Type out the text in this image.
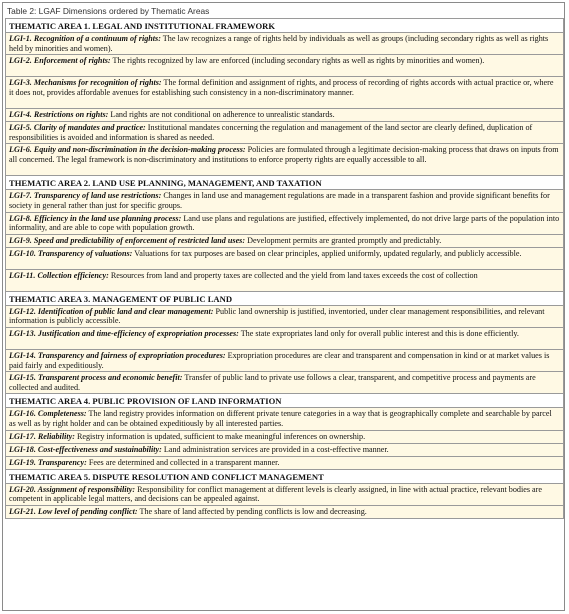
Table 2: LGAF Dimensions ordered by Thematic Areas
THEMATIC AREA 1. LEGAL AND INSTITUTIONAL FRAMEWORK
LGI-1. Recognition of a continuum of rights: The law recognizes a range of rights held by individuals as well as groups (including secondary rights as well as rights held by minorities and women).
LGI-2. Enforcement of rights: The rights recognized by law are enforced (including secondary rights as well as rights by minorities and women).
LGI-3. Mechanisms for recognition of rights: The formal definition and assignment of rights, and process of recording of rights accords with actual practice or, where it does not, provides affordable avenues for establishing such consistency in a non-discriminatory manner.
LGI-4. Restrictions on rights: Land rights are not conditional on adherence to unrealistic standards.
LGI-5. Clarity of mandates and practice: Institutional mandates concerning the regulation and management of the land sector are clearly defined, duplication of responsibilities is avoided and information is shared as needed.
LGI-6. Equity and non-discrimination in the decision-making process: Policies are formulated through a legitimate decision-making process that draws on inputs from all concerned. The legal framework is non-discriminatory and institutions to enforce property rights are equally accessible to all.
THEMATIC AREA 2. LAND USE PLANNING, MANAGEMENT, AND TAXATION
LGI-7. Transparency of land use restrictions: Changes in land use and management regulations are made in a transparent fashion and provide significant benefits for society in general rather than just for specific groups.
LGI-8. Efficiency in the land use planning process: Land use plans and regulations are justified, effectively implemented, do not drive large parts of the population into informality, and are able to cope with population growth.
LGI-9. Speed and predictability of enforcement of restricted land uses: Development permits are granted promptly and predictably.
LGI-10. Transparency of valuations: Valuations for tax purposes are based on clear principles, applied uniformly, updated regularly, and publicly accessible.
LGI-11. Collection efficiency: Resources from land and property taxes are collected and the yield from land taxes exceeds the cost of collection
THEMATIC AREA 3. MANAGEMENT OF PUBLIC LAND
LGI-12. Identification of public land and clear management: Public land ownership is justified, inventoried, under clear management responsibilities, and relevant information is publicly accessible.
LGI-13. Justification and time-efficiency of expropriation processes: The state expropriates land only for overall public interest and this is done efficiently.
LGI-14. Transparency and fairness of expropriation procedures: Expropriation procedures are clear and transparent and compensation in kind or at market values is paid fairly and expeditiously.
LGI-15. Transparent process and economic benefit: Transfer of public land to private use follows a clear, transparent, and competitive process and payments are collected and audited.
THEMATIC AREA 4. PUBLIC PROVISION OF LAND INFORMATION
LGI-16. Completeness: The land registry provides information on different private tenure categories in a way that is geographically complete and searchable by parcel as well as by right holder and can be obtained expeditiously by all interested parties.
LGI-17. Reliability: Registry information is updated, sufficient to make meaningful inferences on ownership.
LGI-18. Cost-effectiveness and sustainability: Land administration services are provided in a cost-effective manner.
LGI-19. Transparency: Fees are determined and collected in a transparent manner.
THEMATIC AREA 5. DISPUTE RESOLUTION AND CONFLICT MANAGEMENT
LGI-20. Assignment of responsibility: Responsibility for conflict management at different levels is clearly assigned, in line with actual practice, relevant bodies are competent in applicable legal matters, and decisions can be appealed against.
LGI-21. Low level of pending conflict: The share of land affected by pending conflicts is low and decreasing.
